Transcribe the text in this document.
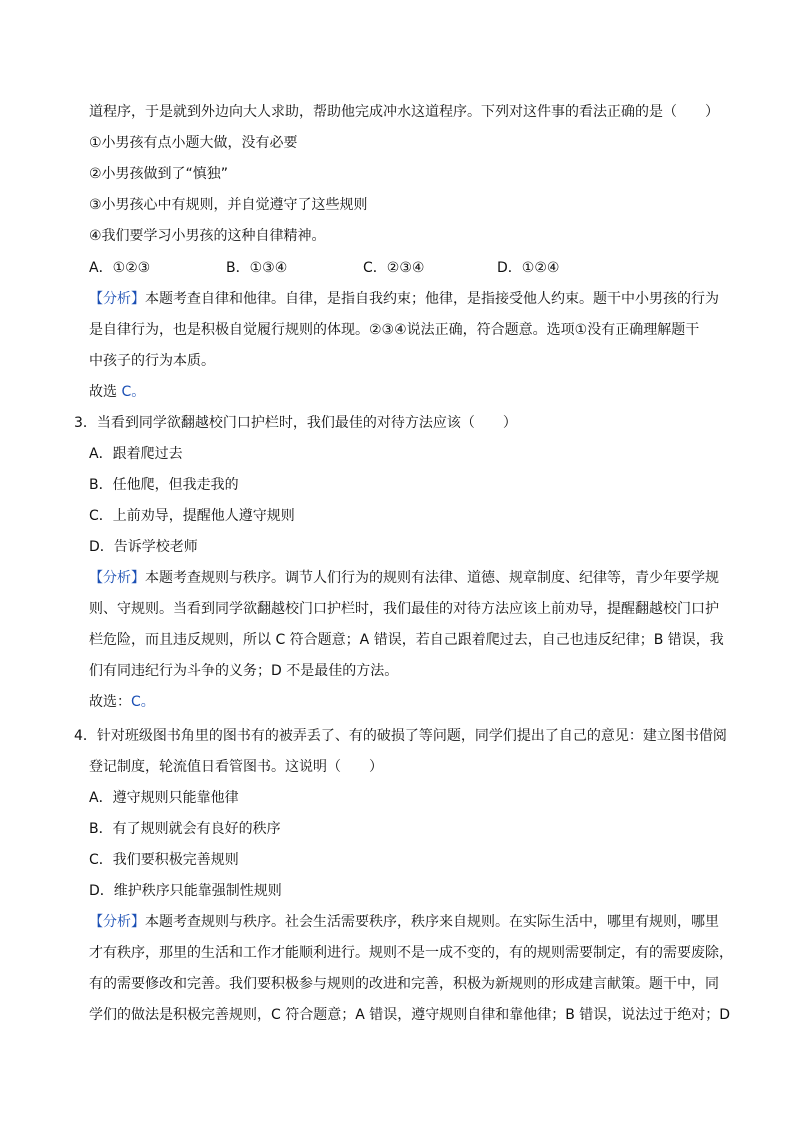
道程序，于是就到外边向大人求助，帮助他完成冲水这道程序。下列对这件事的看法正确的是（　　）
①小男孩有点小题大做，没有必要
②小男孩做到了“慎独”
③小男孩心中有规则，并自觉遵守了这些规则
④我们要学习小男孩的这种自律精神。
A．①②③	B．①③④	C．②③④	D．①②④
【分析】本题考查自律和他律。自律，是指自我约束；他律，是指接受他人约束。题干中小男孩的行为
是自律行为，也是积极自觉履行规则的体现。②③④说法正确，符合题意。选项①没有正确理解题干
中孩子的行为本质。
故选 C。
3．当看到同学欲翻越校门口护栏时，我们最佳的对待方法应该（　　）
A．跟着爬过去
B．任他爬，但我走我的
C．上前劝导，提醒他人遵守规则
D．告诉学校老师
【分析】本题考查规则与秩序。调节人们行为的规则有法律、道德、规章制度、纪律等，青少年要学规
则、守规则。当看到同学欲翻越校门口护栏时，我们最佳的对待方法应该上前劝导，提醒翻越校门口护
栏危险，而且违反规则，所以 C 符合题意；A 错误，若自己跟着爬过去，自己也违反纪律；B 错误，我
们有同违纪行为斗争的义务；D 不是最佳的方法。
故选：C。
4．针对班级图书角里的图书有的被弄丢了、有的破损了等问题，同学们提出了自己的意见：建立图书借阅
登记制度，轮流值日看管图书。这说明（　　）
A．遵守规则只能靠他律
B．有了规则就会有良好的秩序
C．我们要积极完善规则
D．维护秩序只能靠强制性规则
【分析】本题考查规则与秩序。社会生活需要秩序，秩序来自规则。在实际生活中，哪里有规则，哪里
才有秩序，那里的生活和工作才能顺利进行。规则不是一成不变的，有的规则需要制定，有的需要废除，
有的需要修改和完善。我们要积极参与规则的改进和完善，积极为新规则的形成建言献策。题干中，同
学们的做法是积极完善规则，C 符合题意；A 错误，遵守规则自律和靠他律；B 错误，说法过于绝对；D
